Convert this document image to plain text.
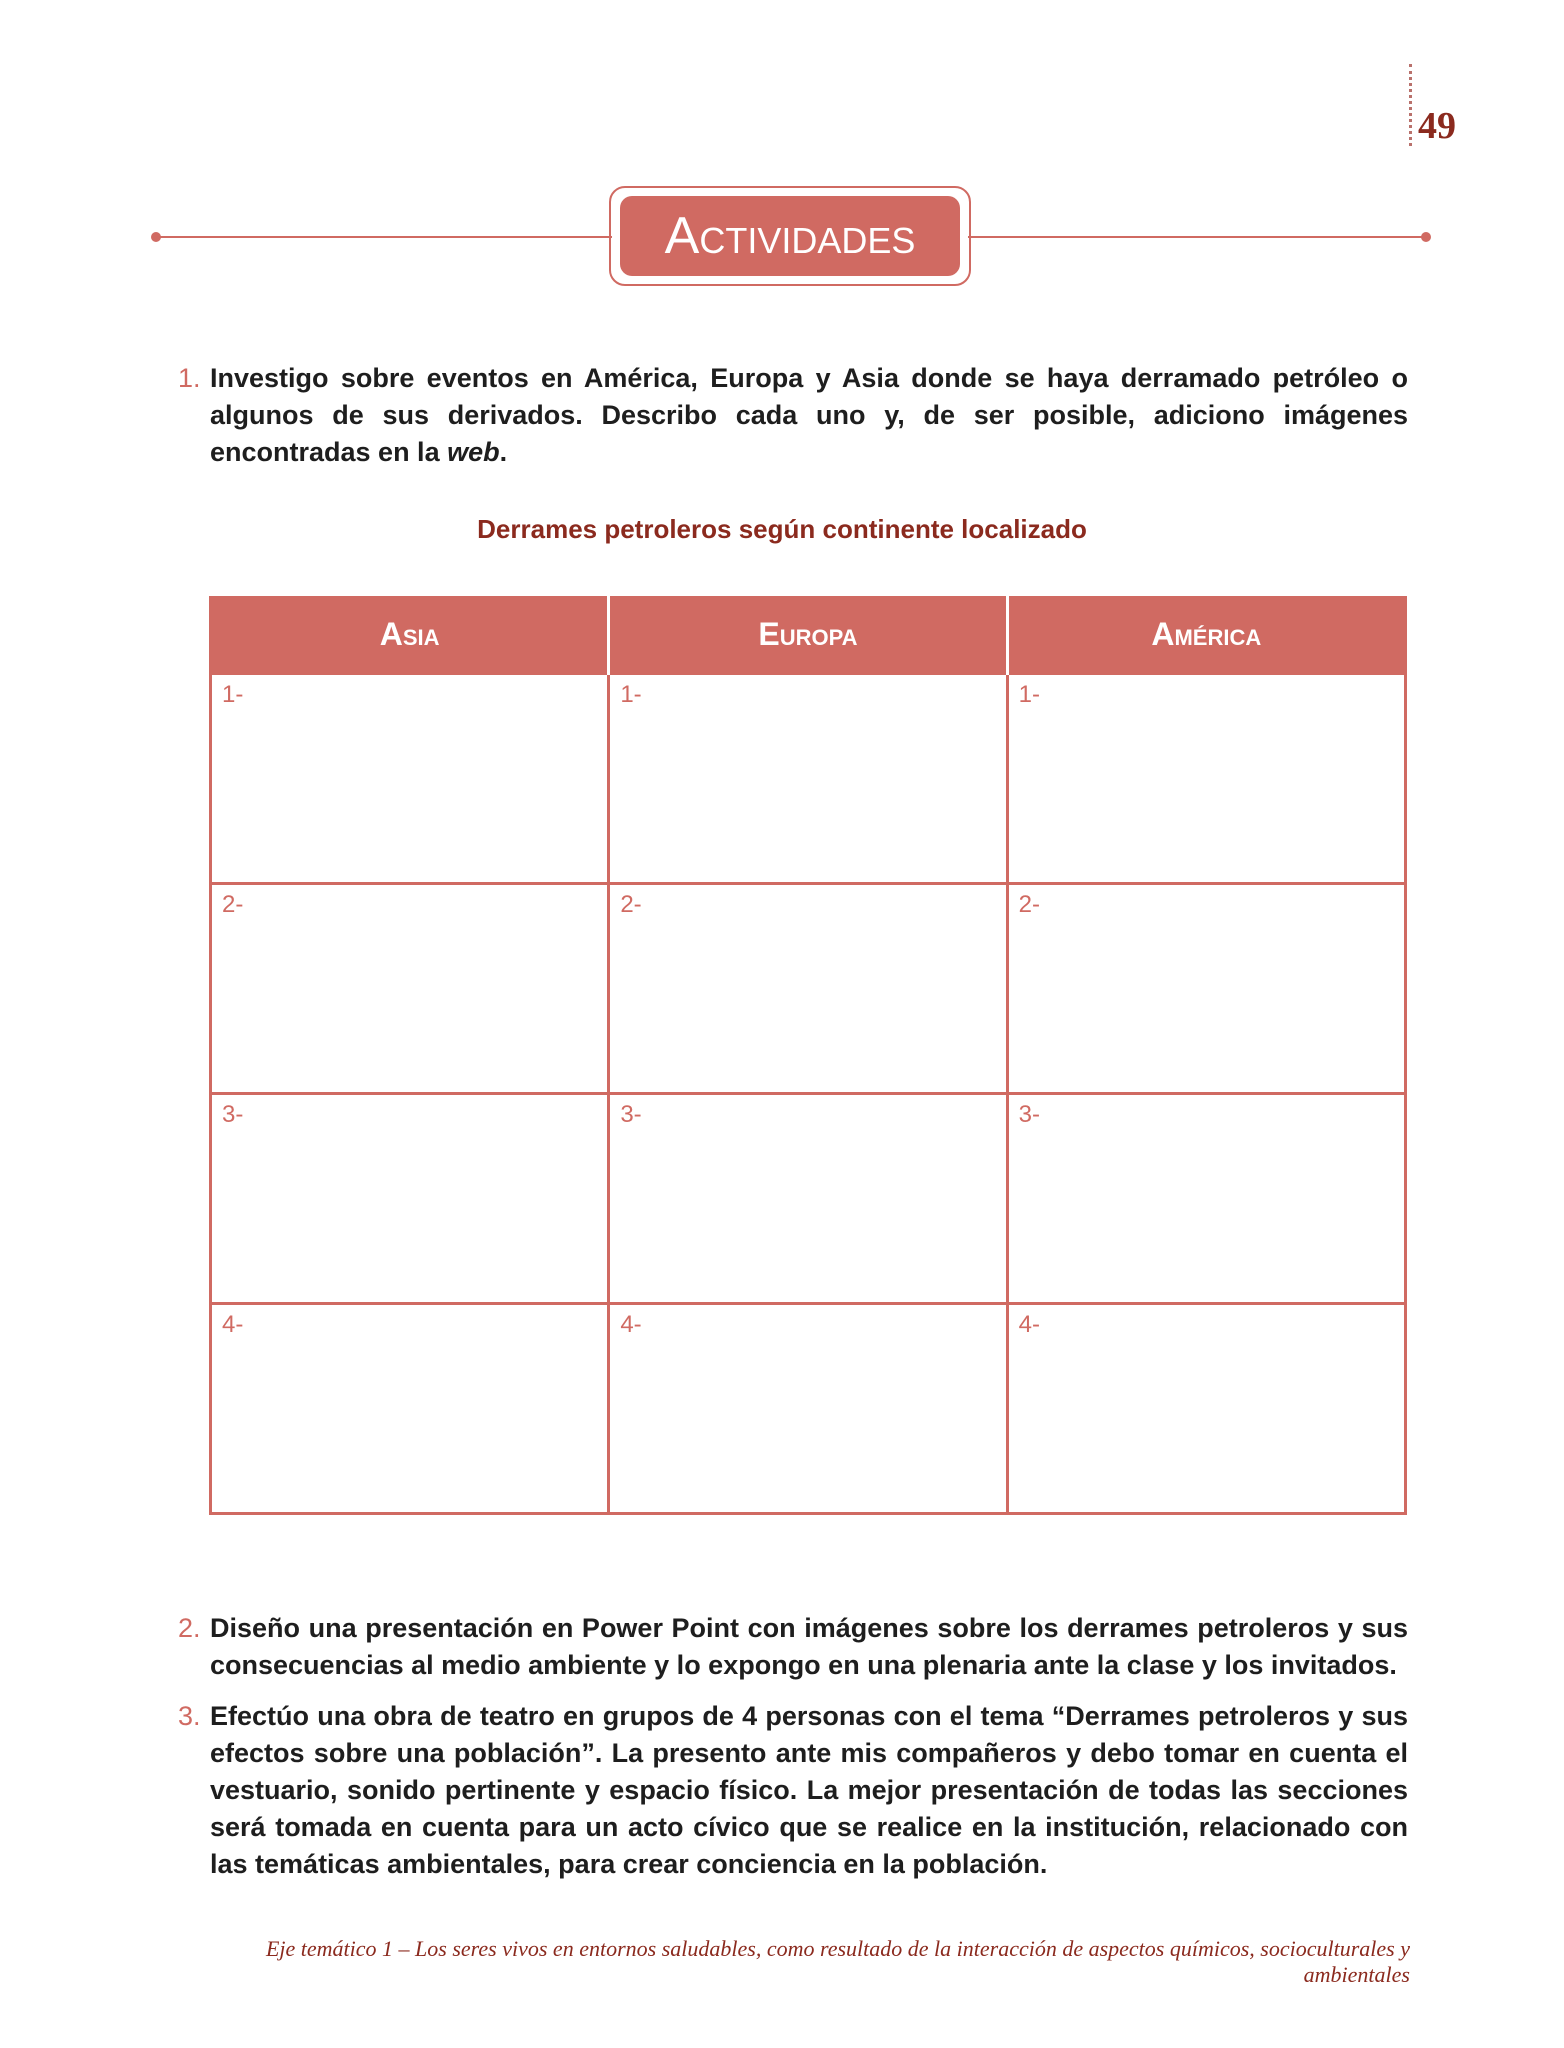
49
Actividades
1. Investigo sobre eventos en América, Europa y Asia donde se haya derramado petróleo o algunos de sus derivados. Describo cada uno y, de ser posible, adiciono imágenes encontradas en la web.
Derrames petroleros según continente localizado
Asia	Europa	América
1-	1-	1-
2-	2-	2-
3-	3-	3-
4-	4-	4-
2. Diseño una presentación en Power Point con imágenes sobre los derrames petroleros y sus consecuencias al medio ambiente y lo expongo en una plenaria ante la clase y los invitados.
3. Efectúo una obra de teatro en grupos de 4 personas con el tema “Derrames petroleros y sus efectos sobre una población”. La presento ante mis compañeros y debo tomar en cuenta el vestuario, sonido pertinente y espacio físico. La mejor presentación de todas las secciones será tomada en cuenta para un acto cívico que se realice en la institución, relacionado con las temáticas ambientales, para crear conciencia en la población.
Eje temático 1 – Los seres vivos en entornos saludables, como resultado de la interacción de aspectos químicos, socioculturales y ambientales
